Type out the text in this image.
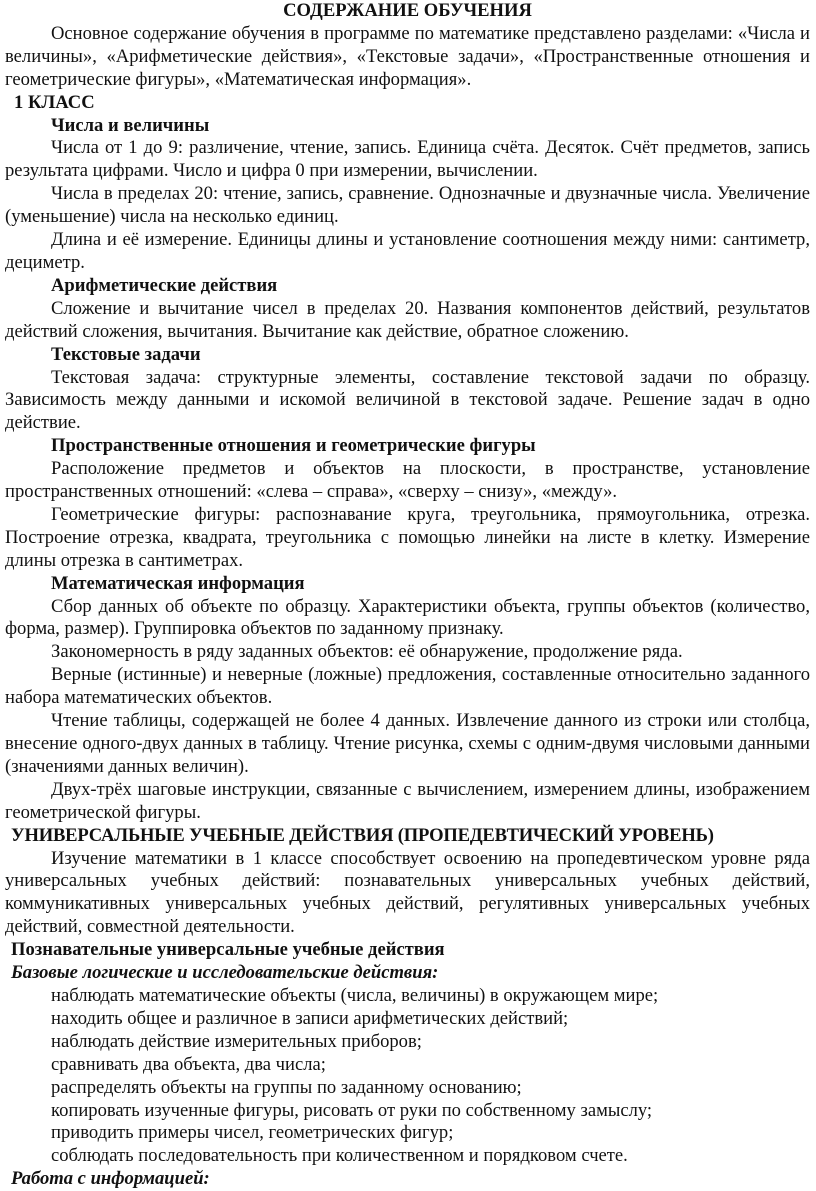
СОДЕРЖАНИЕ ОБУЧЕНИЯ

Основное содержание обучения в программе по математике представлено разделами: «Числа и величины», «Арифметические действия», «Текстовые задачи», «Пространственные отношения и геометрические фигуры», «Математическая информация».

1 КЛАСС

Числа и величины

Числа от 1 до 9: различение, чтение, запись. Единица счёта. Десяток. Счёт предметов, запись результата цифрами. Число и цифра 0 при измерении, вычислении.

Числа в пределах 20: чтение, запись, сравнение. Однозначные и двузначные числа. Увеличение (уменьшение) числа на несколько единиц.

Длина и её измерение. Единицы длины и установление соотношения между ними: сантиметр, дециметр.

Арифметические действия

Сложение и вычитание чисел в пределах 20. Названия компонентов действий, результатов действий сложения, вычитания. Вычитание как действие, обратное сложению.

Текстовые задачи

Текстовая задача: структурные элементы, составление текстовой задачи по образцу. Зависимость между данными и искомой величиной в текстовой задаче. Решение задач в одно действие.

Пространственные отношения и геометрические фигуры

Расположение предметов и объектов на плоскости, в пространстве, установление пространственных отношений: «слева – справа», «сверху – снизу», «между».

Геометрические фигуры: распознавание круга, треугольника, прямоугольника, отрезка. Построение отрезка, квадрата, треугольника с помощью линейки на листе в клетку. Измерение длины отрезка в сантиметрах.

Математическая информация

Сбор данных об объекте по образцу. Характеристики объекта, группы объектов (количество, форма, размер). Группировка объектов по заданному признаку.

Закономерность в ряду заданных объектов: её обнаружение, продолжение ряда.

Верные (истинные) и неверные (ложные) предложения, составленные относительно заданного набора математических объектов.

Чтение таблицы, содержащей не более 4 данных. Извлечение данного из строки или столбца, внесение одного-двух данных в таблицу. Чтение рисунка, схемы с одним-двумя числовыми данными (значениями данных величин).

Двух-трёх шаговые инструкции, связанные с вычислением, измерением длины, изображением геометрической фигуры.

УНИВЕРСАЛЬНЫЕ УЧЕБНЫЕ ДЕЙСТВИЯ (ПРОПЕДЕВТИЧЕСКИЙ УРОВЕНЬ)

Изучение математики в 1 классе способствует освоению на пропедевтическом уровне ряда универсальных учебных действий: познавательных универсальных учебных действий, коммуникативных универсальных учебных действий, регулятивных универсальных учебных действий, совместной деятельности.

Познавательные универсальные учебные действия

Базовые логические и исследовательские действия:

наблюдать математические объекты (числа, величины) в окружающем мире;

находить общее и различное в записи арифметических действий;

наблюдать действие измерительных приборов;

сравнивать два объекта, два числа;

распределять объекты на группы по заданному основанию;

копировать изученные фигуры, рисовать от руки по собственному замыслу;

приводить примеры чисел, геометрических фигур;

соблюдать последовательность при количественном и порядковом счете.

Работа с информацией:
